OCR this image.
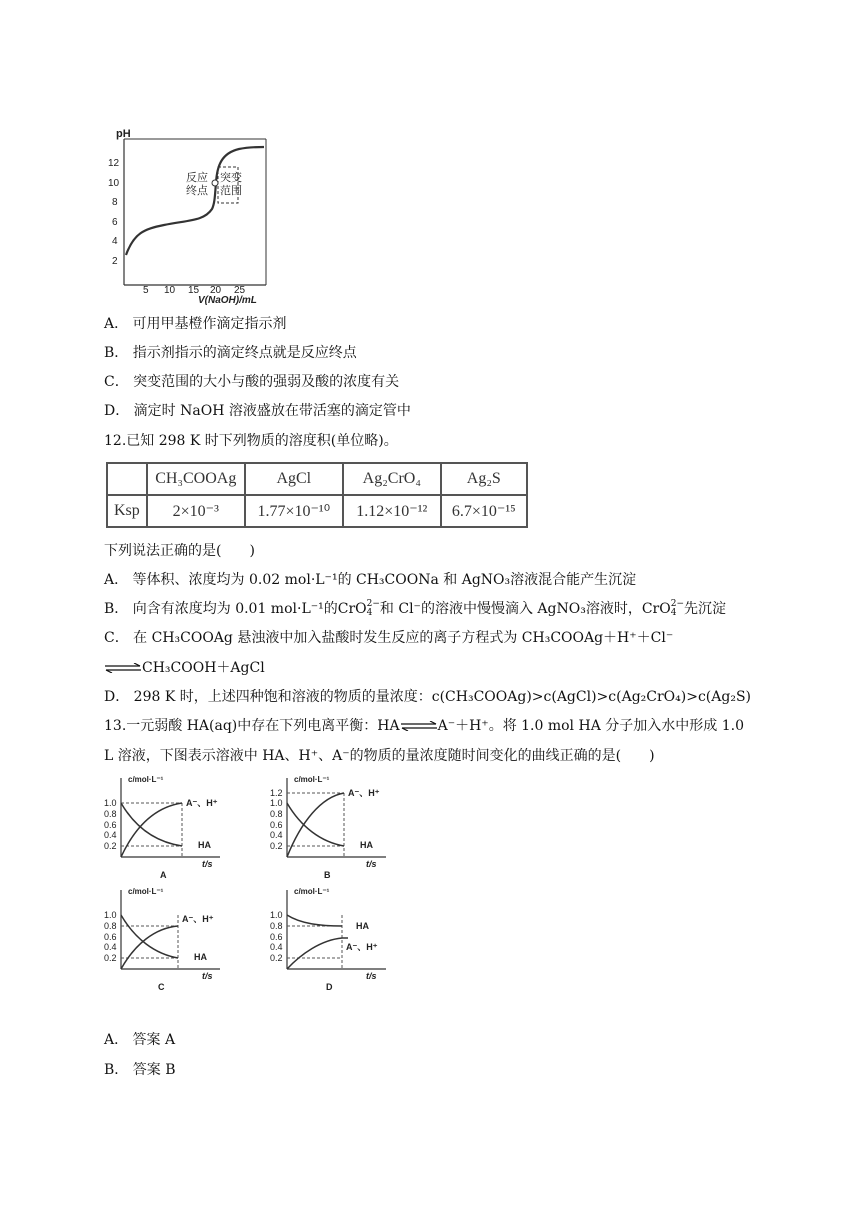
pH
12
10
8
6
4
2
5 10 15 20 25
V(NaOH)/mL
反应
终点
突变
范围
A． 可用甲基橙作滴定指示剂
B． 指示剂指示的滴定终点就是反应终点
C． 突变范围的大小与酸的强弱及酸的浓度有关
D． 滴定时 NaOH 溶液盛放在带活塞的滴定管中
12.已知 298 K 时下列物质的溶度积(单位略)。
	CH₃COOAg	AgCl	Ag₂CrO₄	Ag₂S
Ksp	2×10⁻³	1.77×10⁻¹⁰	1.12×10⁻¹²	6.7×10⁻¹⁵
下列说法正确的是(　　)
A． 等体积、浓度均为 0.02 mol·L⁻¹的 CH₃COONa 和 AgNO₃溶液混合能产生沉淀
B． 向含有浓度均为 0.01 mol·L⁻¹的CrO 2−
4 和 Cl⁻的溶液中慢慢滴入 AgNO₃溶液时，CrO 2−
4 先沉淀
C． 在 CH₃COOAg 悬浊液中加入盐酸时发生反应的离子方程式为 CH₃COOAg＋H⁺＋Cl⁻
⇌CH₃COOH＋AgCl
D． 298 K 时，上述四种饱和溶液的物质的量浓度：c(CH₃COOAg)>c(AgCl)>c(Ag₂CrO₄)>c(Ag₂S)
13.一元弱酸 HA(aq)中存在下列电离平衡：HA⇌A⁻＋H⁺。将 1.0 mol HA 分子加入水中形成 1.0
L 溶液，下图表示溶液中 HA、H⁺、A⁻的物质的量浓度随时间变化的曲线正确的是(　　)
c/mol·L⁻¹
1.0
0.8
0.6
0.4
0.2
A⁻、H⁺
HA
t/s
A
c/mol·L⁻¹
1.2
1.0
0.8
0.6
0.4
0.2
A⁻、H⁺
HA
t/s
B
c/mol·L⁻¹
1.0
0.8
0.6
0.4
0.2
A⁻、H⁺
HA
t/s
C
c/mol·L⁻¹
1.0
0.8
0.6
0.4
0.2
HA
A⁻、H⁺
t/s
D
A． 答案 A
B． 答案 B
